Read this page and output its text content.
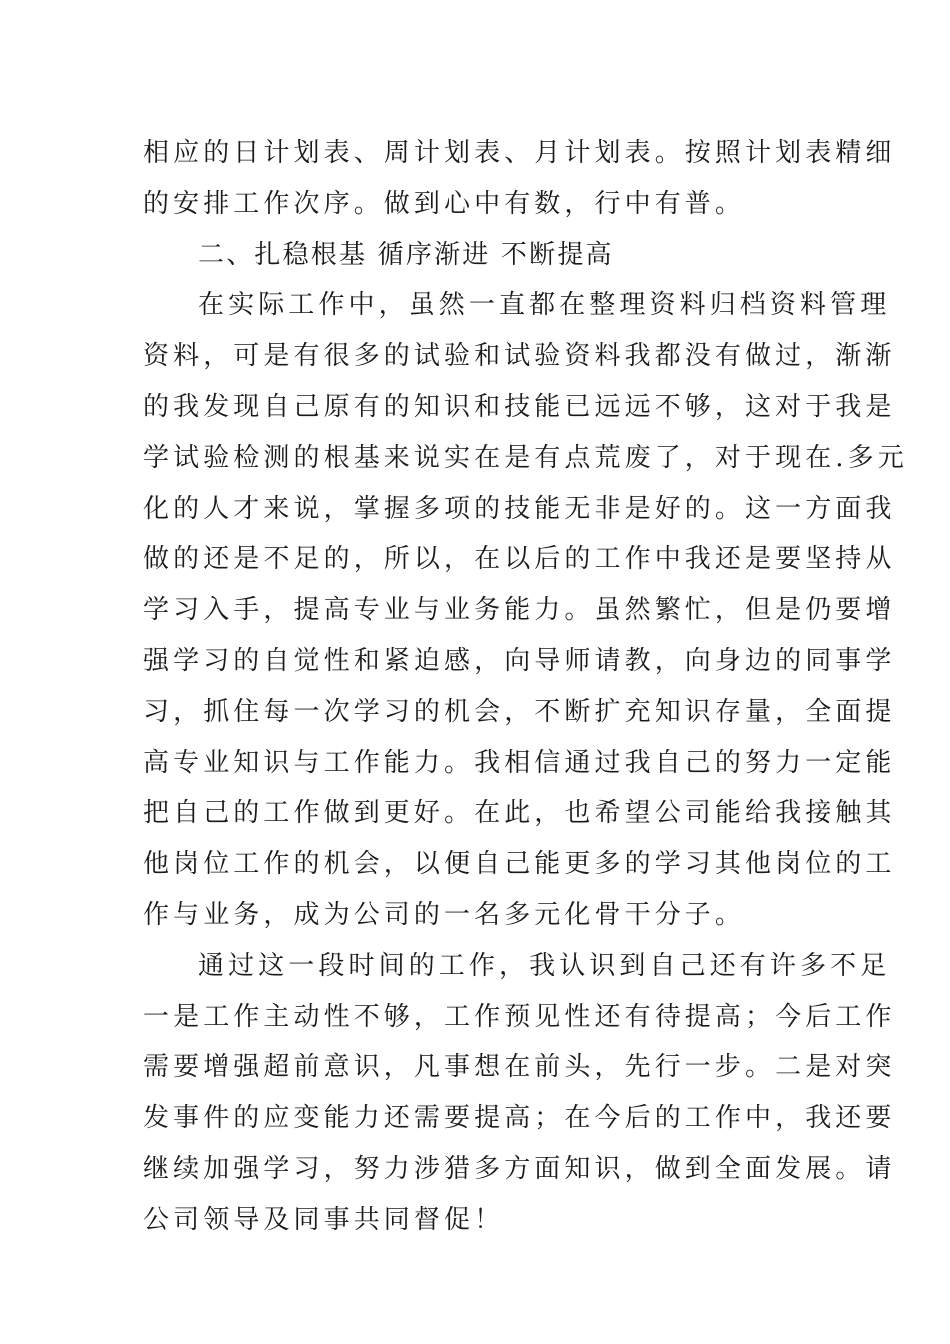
相应的日计划表、周计划表、月计划表。按照计划表精细
的安排工作次序。做到心中有数，行中有普。
二、扎稳根基 循序渐进 不断提高
在实际工作中，虽然一直都在整理资料归档资料管理
资料，可是有很多的试验和试验资料我都没有做过，渐渐
的我发现自己原有的知识和技能已远远不够，这对于我是
学试验检测的根基来说实在是有点荒废了，对于现在.多元
化的人才来说，掌握多项的技能无非是好的。这一方面我
做的还是不足的，所以，在以后的工作中我还是要坚持从
学习入手，提高专业与业务能力。虽然繁忙，但是仍要增
强学习的自觉性和紧迫感，向导师请教，向身边的同事学
习，抓住每一次学习的机会，不断扩充知识存量，全面提
高专业知识与工作能力。我相信通过我自己的努力一定能
把自己的工作做到更好。在此，也希望公司能给我接触其
他岗位工作的机会，以便自己能更多的学习其他岗位的工
作与业务，成为公司的一名多元化骨干分子。
通过这一段时间的工作，我认识到自己还有许多不足
一是工作主动性不够，工作预见性还有待提高；今后工作
需要增强超前意识，凡事想在前头，先行一步。二是对突
发事件的应变能力还需要提高；在今后的工作中，我还要
继续加强学习，努力涉猎多方面知识，做到全面发展。请
公司领导及同事共同督促！
